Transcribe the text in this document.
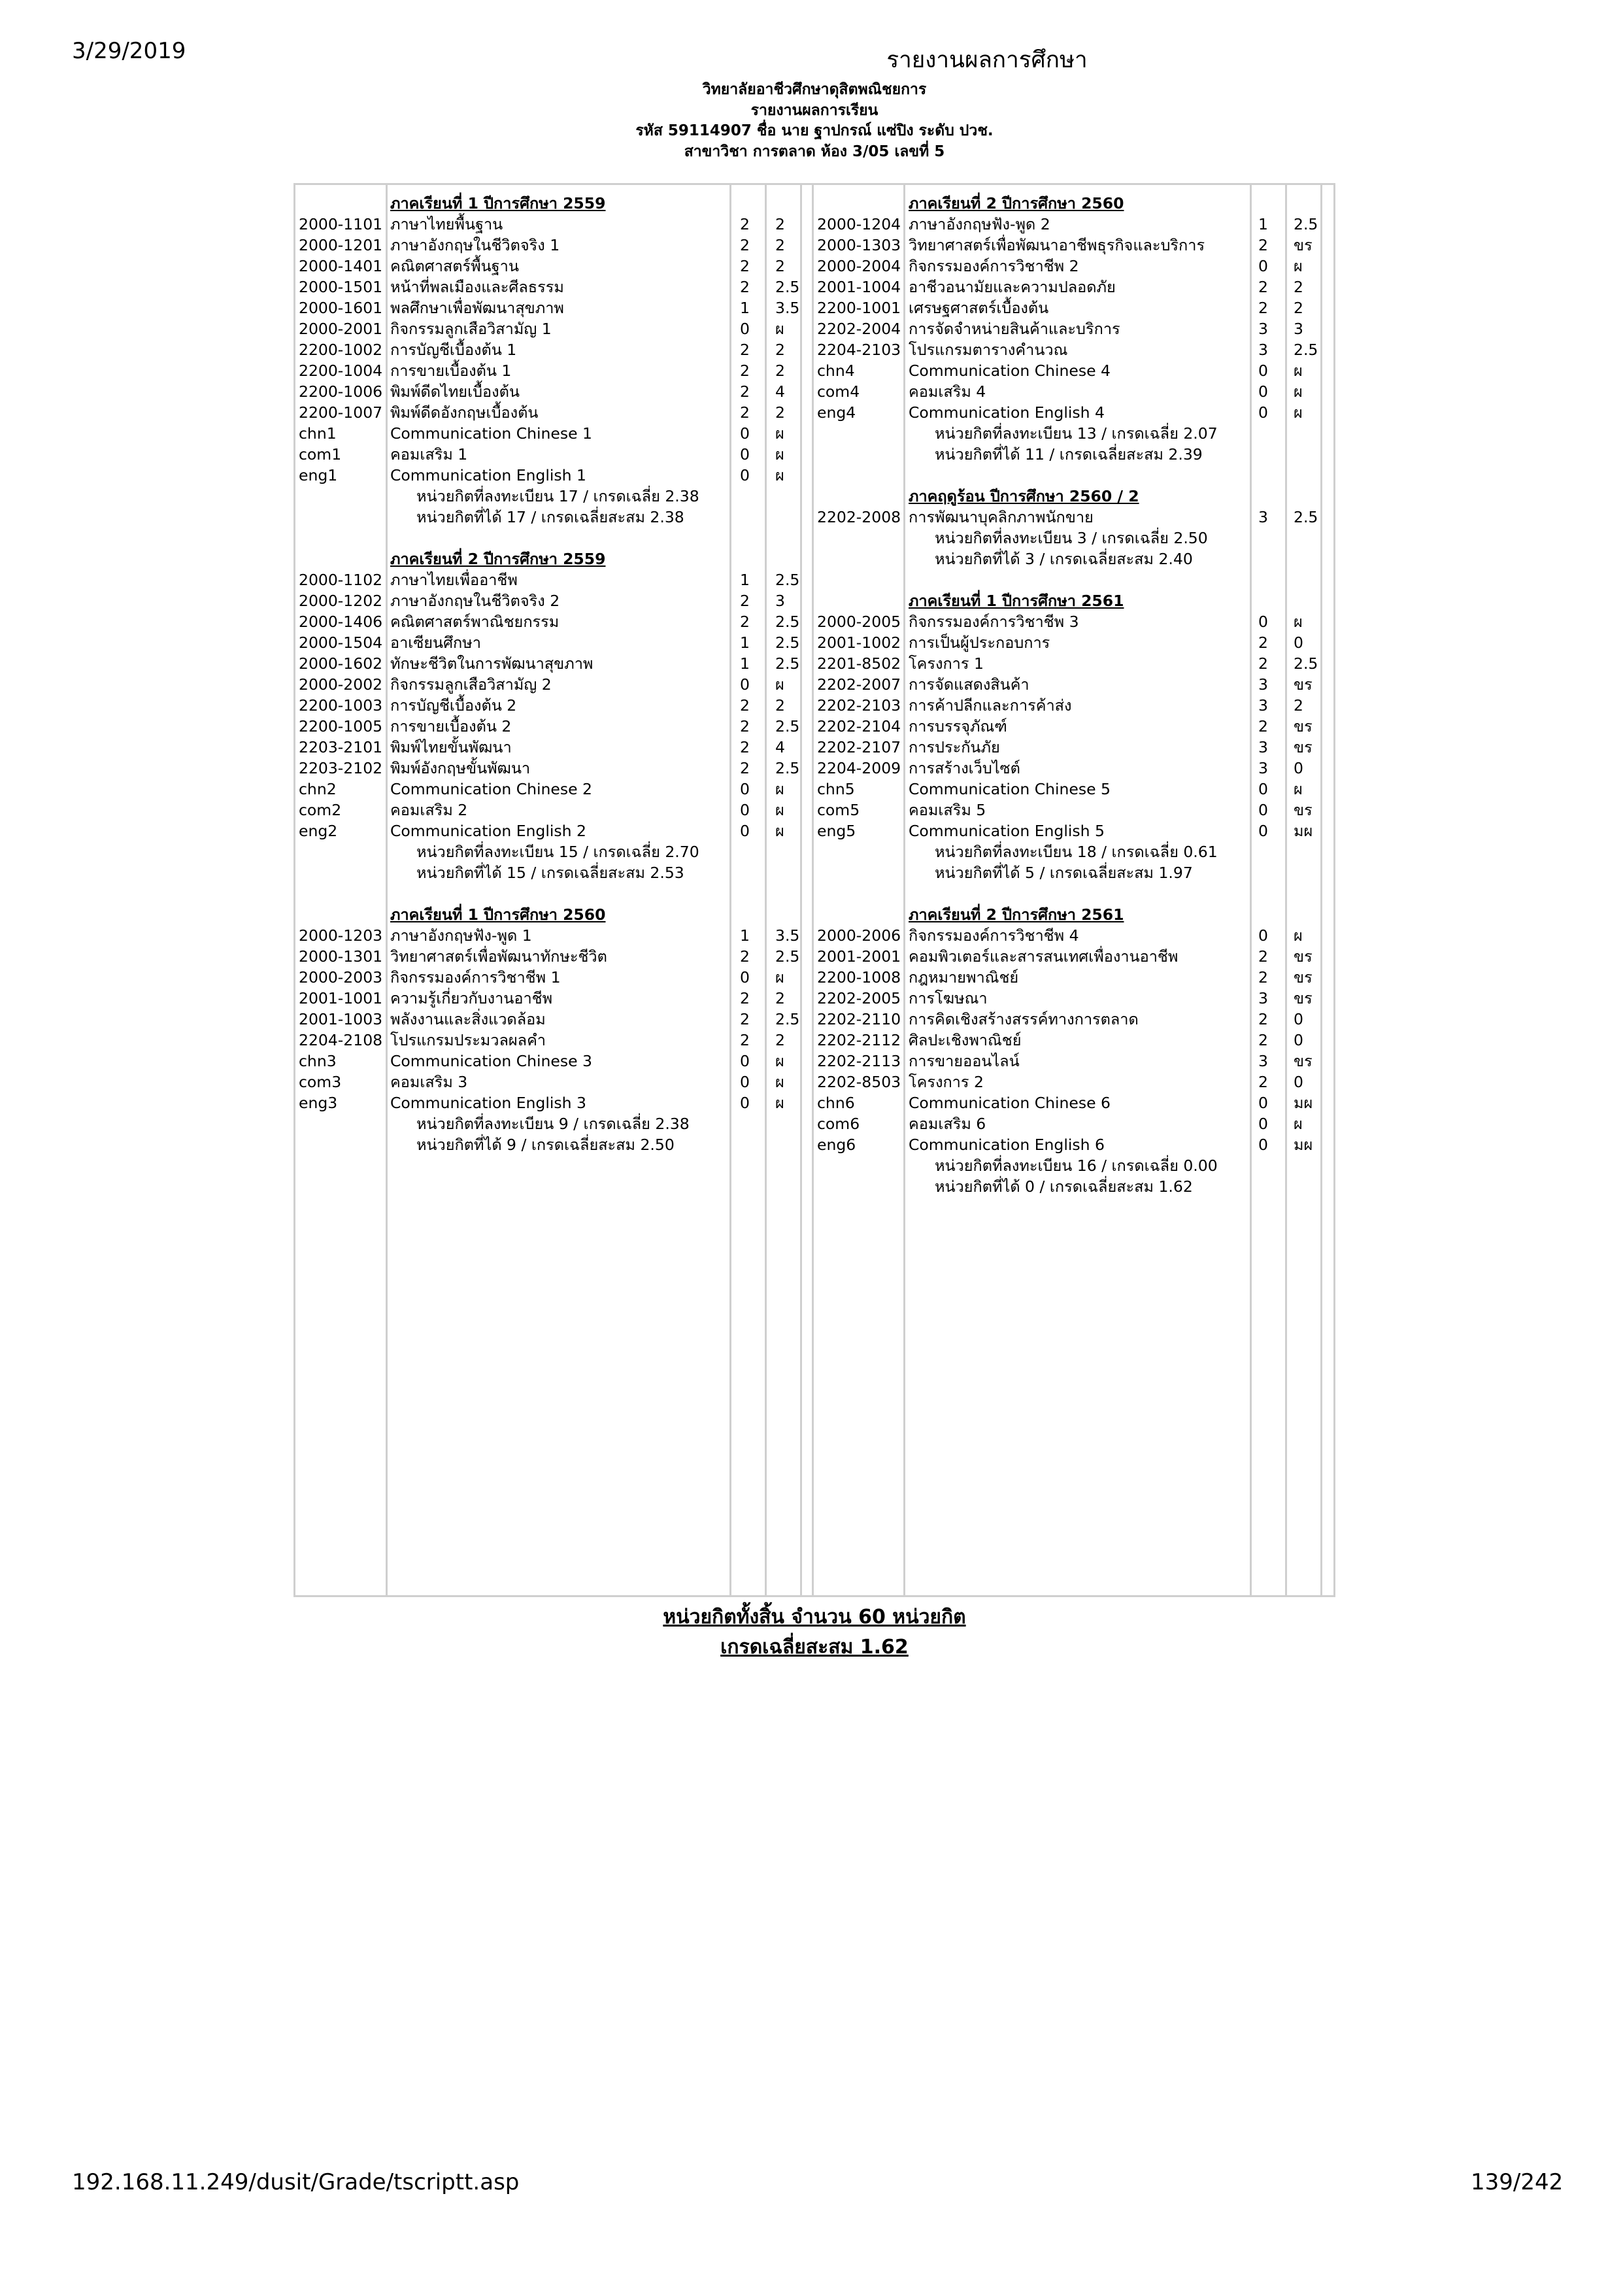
3/29/2019	รายงานผลการศึกษา
วิทยาลัยอาชีวศึกษาดุสิตพณิชยการ
รายงานผลการเรียน
รหัส 59114907 ชื่อ นาย ฐาปกรณ์ แซ่ปิง ระดับ ปวช.
สาขาวิชา การตลาด ห้อง 3/05 เลขที่ 5
ภาคเรียนที่ 1 ปีการศึกษา 2559
2000-1101 ภาษาไทยพื้นฐาน	2 2
2000-1201 ภาษาอังกฤษในชีวิตจริง 1	2 2
2000-1401 คณิตศาสตร์พื้นฐาน	2 2
2000-1501 หน้าที่พลเมืองและศีลธรรม	2 2.5
2000-1601 พลศึกษาเพื่อพัฒนาสุขภาพ	1 3.5
2000-2001 กิจกรรมลูกเสือวิสามัญ 1	0 ผ
2200-1002 การบัญชีเบื้องต้น 1	2 2
2200-1004 การขายเบื้องต้น 1	2 2
2200-1006 พิมพ์ดีดไทยเบื้องต้น	2 4
2200-1007 พิมพ์ดีดอังกฤษเบื้องต้น	2 2
chn1	Communication Chinese 1	0 ผ
com1	คอมเสริม 1	0 ผ
eng1	Communication English 1	0 ผ
หน่วยกิตที่ลงทะเบียน 17 / เกรดเฉลี่ย 2.38
หน่วยกิตที่ได้ 17 / เกรดเฉลี่ยสะสม 2.38
ภาคเรียนที่ 2 ปีการศึกษา 2559
2000-1102 ภาษาไทยเพื่ออาชีพ	1 2.5
2000-1202 ภาษาอังกฤษในชีวิตจริง 2	2 3
2000-1406 คณิตศาสตร์พาณิชยกรรม	2 2.5
2000-1504 อาเซียนศึกษา	1 2.5
2000-1602 ทักษะชีวิตในการพัฒนาสุขภาพ	1 2.5
2000-2002 กิจกรรมลูกเสือวิสามัญ 2	0 ผ
2200-1003 การบัญชีเบื้องต้น 2	2 2
2200-1005 การขายเบื้องต้น 2	2 2.5
2203-2101 พิมพ์ไทยขั้นพัฒนา	2 4
2203-2102 พิมพ์อังกฤษขั้นพัฒนา	2 2.5
chn2	Communication Chinese 2	0 ผ
com2	คอมเสริม 2	0 ผ
eng2	Communication English 2	0 ผ
หน่วยกิตที่ลงทะเบียน 15 / เกรดเฉลี่ย 2.70
หน่วยกิตที่ได้ 15 / เกรดเฉลี่ยสะสม 2.53
ภาคเรียนที่ 1 ปีการศึกษา 2560
2000-1203 ภาษาอังกฤษฟัง-พูด 1	1 3.5
2000-1301 วิทยาศาสตร์เพื่อพัฒนาทักษะชีวิต	2 2.5
2000-2003 กิจกรรมองค์การวิชาชีพ 1	0 ผ
2001-1001 ความรู้เกี่ยวกับงานอาชีพ	2 2
2001-1003 พลังงานและสิ่งแวดล้อม	2 2.5
2204-2108 โปรแกรมประมวลผลคำ	2 2
chn3	Communication Chinese 3	0 ผ
com3	คอมเสริม 3	0 ผ
eng3	Communication English 3	0 ผ
หน่วยกิตที่ลงทะเบียน 9 / เกรดเฉลี่ย 2.38
หน่วยกิตที่ได้ 9 / เกรดเฉลี่ยสะสม 2.50
ภาคเรียนที่ 2 ปีการศึกษา 2560
2000-1204 ภาษาอังกฤษฟัง-พูด 2	1 2.5
2000-1303 วิทยาศาสตร์เพื่อพัฒนาอาชีพธุรกิจและบริการ	2 ขร
2000-2004 กิจกรรมองค์การวิชาชีพ 2	0 ผ
2001-1004 อาชีวอนามัยและความปลอดภัย	2 2
2200-1001 เศรษฐศาสตร์เบื้องต้น	2 2
2202-2004 การจัดจำหน่ายสินค้าและบริการ	3 3
2204-2103 โปรแกรมตารางคำนวณ	3 2.5
chn4	Communication Chinese 4	0 ผ
com4	คอมเสริม 4	0 ผ
eng4	Communication English 4	0 ผ
หน่วยกิตที่ลงทะเบียน 13 / เกรดเฉลี่ย 2.07
หน่วยกิตที่ได้ 11 / เกรดเฉลี่ยสะสม 2.39
ภาคฤดูร้อน ปีการศึกษา 2560 / 2
2202-2008 การพัฒนาบุคลิกภาพนักขาย	3 2.5
หน่วยกิตที่ลงทะเบียน 3 / เกรดเฉลี่ย 2.50
หน่วยกิตที่ได้ 3 / เกรดเฉลี่ยสะสม 2.40
ภาคเรียนที่ 1 ปีการศึกษา 2561
2000-2005 กิจกรรมองค์การวิชาชีพ 3	0 ผ
2001-1002 การเป็นผู้ประกอบการ	2 0
2201-8502 โครงการ 1	2 2.5
2202-2007 การจัดแสดงสินค้า	3 ขร
2202-2103 การค้าปลีกและการค้าส่ง	3 2
2202-2104 การบรรจุภัณฑ์	2 ขร
2202-2107 การประกันภัย	3 ขร
2204-2009 การสร้างเว็บไซต์	3 0
chn5	Communication Chinese 5	0 ผ
com5	คอมเสริม 5	0 ขร
eng5	Communication English 5	0 มผ
หน่วยกิตที่ลงทะเบียน 18 / เกรดเฉลี่ย 0.61
หน่วยกิตที่ได้ 5 / เกรดเฉลี่ยสะสม 1.97
ภาคเรียนที่ 2 ปีการศึกษา 2561
2000-2006 กิจกรรมองค์การวิชาชีพ 4	0 ผ
2001-2001 คอมพิวเตอร์และสารสนเทศเพื่องานอาชีพ	2 ขร
2200-1008 กฎหมายพาณิชย์	2 ขร
2202-2005 การโฆษณา	3 ขร
2202-2110 การคิดเชิงสร้างสรรค์ทางการตลาด	2 0
2202-2112 ศิลปะเชิงพาณิชย์	2 0
2202-2113 การขายออนไลน์	3 ขร
2202-8503 โครงการ 2	2 0
chn6	Communication Chinese 6	0 มผ
com6	คอมเสริม 6	0 ผ
eng6	Communication English 6	0 มผ
หน่วยกิตที่ลงทะเบียน 16 / เกรดเฉลี่ย 0.00
หน่วยกิตที่ได้ 0 / เกรดเฉลี่ยสะสม 1.62
หน่วยกิตทั้งสิ้น จำนวน 60 หน่วยกิต
เกรดเฉลี่ยสะสม 1.62
192.168.11.249/dusit/Grade/tscriptt.asp	139/242
